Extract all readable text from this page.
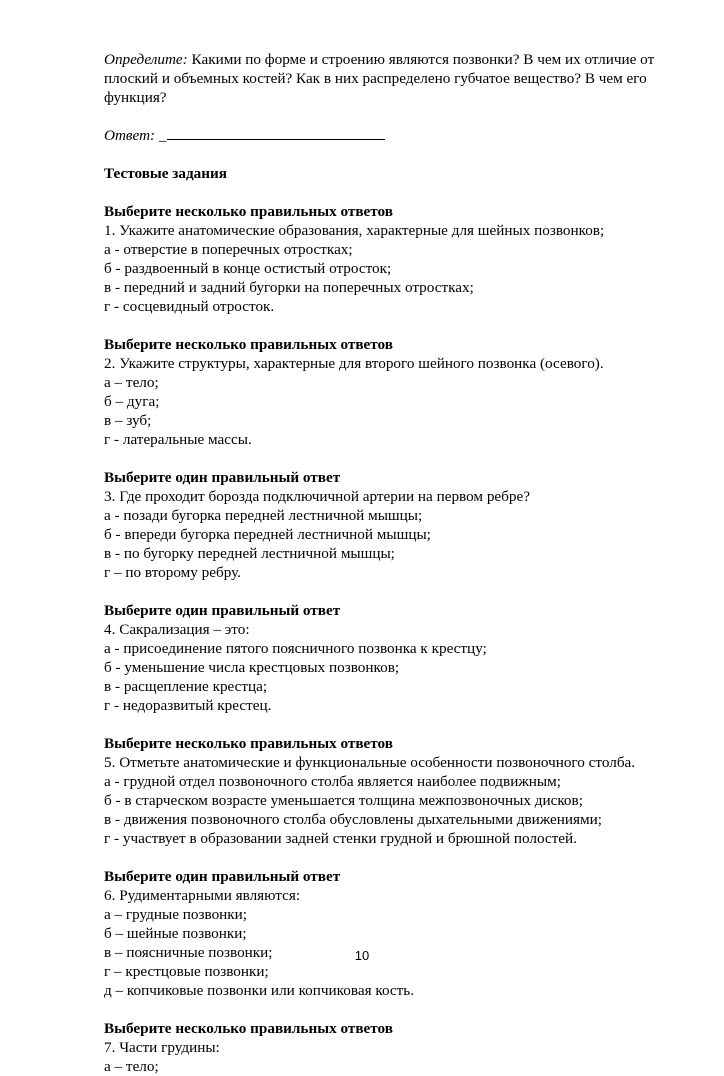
Определите: Какими по форме и строению являются позвонки? В чем их отличие от плоский и объемных костей? Как в них распределено губчатое вещество? В чем его функция?

Ответ: _
Тестовые задания
Выберите несколько правильных ответов
1. Укажите анатомические образования, характерные для шейных позвонков;
а - отверстие в поперечных отростках;
б - раздвоенный в конце остистый отросток;
в - передний и задний бугорки на поперечных отростках;
г - сосцевидный отросток.
Выберите несколько правильных ответов
2. Укажите структуры, характерные для второго шейного позвонка (осевого).
а – тело;
б – дуга;
в – зуб;
г - латеральные массы.
Выберите один правильный ответ
3. Где проходит борозда подключичной артерии на первом ребре?
а - позади бугорка передней лестничной мышцы;
б - впереди бугорка передней лестничной мышцы;
в - по бугорку передней лестничной мышцы;
г – по второму ребру.
Выберите один правильный ответ
4. Сакрализация – это:
а - присоединение пятого поясничного позвонка к крестцу;
б - уменьшение числа крестцовых позвонков;
в - расщепление крестца;
г - недоразвитый крестец.
Выберите несколько правильных ответов
5. Отметьте анатомические и функциональные особенности позвоночного столба.
а - грудной отдел позвоночного столба является наиболее подвижным;
б - в старческом возрасте уменьшается толщина межпозвоночных дисков;
в - движения позвоночного столба обусловлены дыхательными движениями;
г - участвует в образовании задней стенки грудной и брюшной полостей.
Выберите один правильный ответ
6. Рудиментарными являются:
а – грудные позвонки;
б – шейные позвонки;
в – поясничные позвонки;
г – крестцовые позвонки;
д – копчиковые позвонки или копчиковая кость.
Выберите несколько правильных ответов
7. Части грудины:
а – тело;
10
